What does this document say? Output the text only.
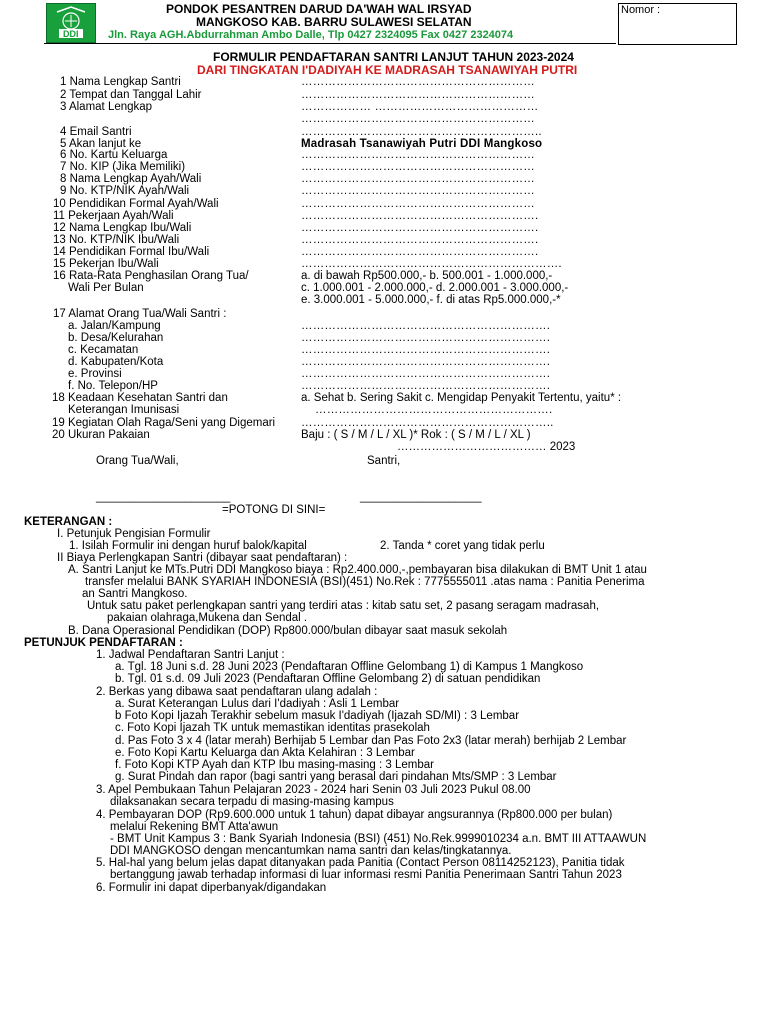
DDI
PONDOK PESANTREN DARUD DA'WAH WAL IRSYAD
MANGKOSO KAB. BARRU SULAWESI SELATAN
Jln. Raya AGH.Abdurrahman Ambo Dalle, Tlp 0427 2324095 Fax 0427 2324074
Nomor :
FORMULIR PENDAFTARAN SANTRI LANJUT TAHUN 2023-2024
DARI TINGKATAN I'DADIYAH KE MADRASAH TSANAWIYAH PUTRI
1 Nama Lengkap Santri	……………………………………………………
2 Tempat dan Tanggal Lahir	……………………………………………………
3 Alamat Lengkap	……………… ……………………………………
……………………………………………………
4 Email Santri	……………………………………………………..
5 Akan lanjut ke	Madrasah Tsanawiyah Putri DDI Mangkoso
6 No. Kartu Keluarga	……………………………………………………
7 No. KIP (Jika Memiliki)	……………………………………………………
8 Nama Lengkap Ayah/Wali	……………………………………………………
9 No. KTP/NIK Ayah/Wali	……………………………………………………
10 Pendidikan Formal Ayah/Wali	……………………………………………………
11 Pekerjaan Ayah/Wali	…………………………………………………….
12 Nama Lengkap Ibu/Wali	…………………………………………………….
13 No. KTP/NIK Ibu/Wali	…………………………………………………….
14 Pendidikan Formal Ibu/Wali	…………………………………………………….
15 Pekerjan Ibu/Wali	………………………………………………………….
16 Rata-Rata Penghasilan Orang Tua/
Wali Per Bulan
a. di bawah Rp500.000,- b. 500.001 - 1.000.000,-
c. 1.000.001 - 2.000.000,- d. 2.000.001 - 3.000.000,-
e. 3.000.001 - 5.000.000,- f. di atas Rp5.000.000,-*
17 Alamat Orang Tua/Wali Santri :
a. Jalan/Kampung	……………………………………………………….
b. Desa/Kelurahan	……………………………………………………….
c. Kecamatan	……………………………………………………….
d. Kabupaten/Kota	……………………………………………………….
e. Provinsi	……………………………………………………….
f. No. Telepon/HP	……………………………………………………….
18 Keadaan Kesehatan Santri dan
Keterangan Imunisasi
a. Sehat b. Sering Sakit c. Mengidap Penyakit Tertentu, yaitu* :
…………………………………………………….
19 Kegiatan Olah Raga/Seni yang Digemari ………………………………………………………..
20 Ukuran Pakaian	Baju : ( S / M / L / XL )* Rok : ( S / M / L / XL )
………………………………… 2023
Orang Tua/Wali,	Santri,
_____________________	___________________
=POTONG DI SINI=
KETERANGAN :
I. Petunjuk Pengisian Formulir
1. Isilah Formulir ini dengan huruf balok/kapital	2. Tanda * coret yang tidak perlu
II Biaya Perlengkapan Santri (dibayar saat pendaftaran) :
A. Santri Lanjut ke MTs.Putri DDI Mangkoso biaya : Rp2.400.000,-,pembayaran bisa dilakukan di BMT Unit 1 atau
transfer melalui BANK SYARIAH INDONESIA (BSI)(451) No.Rek : 7775555011 .atas nama : Panitia Penerima
an Santri Mangkoso.
Untuk satu paket perlengkapan santri yang terdiri atas : kitab satu set, 2 pasang seragam madrasah,
pakaian olahraga,Mukena dan Sendal .
B. Dana Operasional Pendidikan (DOP) Rp800.000/bulan dibayar saat masuk sekolah
PETUNJUK PENDAFTARAN :
1. Jadwal Pendaftaran Santri Lanjut :
a. Tgl. 18 Juni s.d. 28 Juni 2023 (Pendaftaran Offline Gelombang 1) di Kampus 1 Mangkoso
b. Tgl. 01 s.d. 09 Juli 2023 (Pendaftaran Offline Gelombang 2) di satuan pendidikan
2. Berkas yang dibawa saat pendaftaran ulang adalah :
a. Surat Keterangan Lulus dari I'dadiyah : Asli 1 Lembar
b Foto Kopi Ijazah Terakhir sebelum masuk I'dadiyah (Ijazah SD/MI) : 3 Lembar
c. Foto Kopi Ijazah TK untuk memastikan identitas prasekolah
d. Pas Foto 3 x 4 (latar merah) Berhijab 5 Lembar dan Pas Foto 2x3 (latar merah) berhijab 2 Lembar
e. Foto Kopi Kartu Keluarga dan Akta Kelahiran : 3 Lembar
f. Foto Kopi KTP Ayah dan KTP Ibu masing-masing : 3 Lembar
g. Surat Pindah dan rapor (bagi santri yang berasal dari pindahan Mts/SMP : 3 Lembar
3. Apel Pembukaan Tahun Pelajaran 2023 - 2024 hari Senin 03 Juli 2023 Pukul 08.00
dilaksanakan secara terpadu di masing-masing kampus
4. Pembayaran DOP (Rp9.600.000 untuk 1 tahun) dapat dibayar angsurannya (Rp800.000 per bulan)
melalui Rekening BMT Atta'awun
- BMT Unit Kampus 3 : Bank Syariah Indonesia (BSI) (451) No.Rek.9999010234 a.n. BMT III ATTAAWUN
DDI MANGKOSO dengan mencantumkan nama santri dan kelas/tingkatannya.
5. Hal-hal yang belum jelas dapat ditanyakan pada Panitia (Contact Person 08114252123), Panitia tidak
bertanggung jawab terhadap informasi di luar informasi resmi Panitia Penerimaan Santri Tahun 2023
6. Formulir ini dapat diperbanyak/digandakan
